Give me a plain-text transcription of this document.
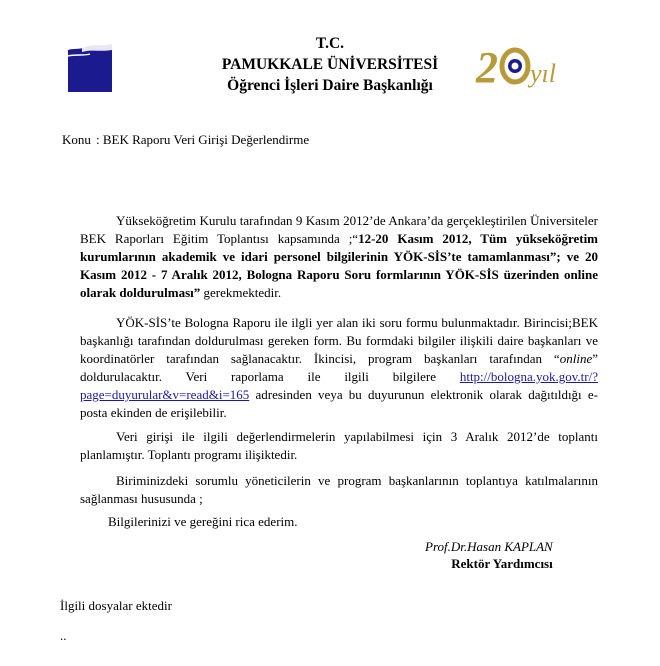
T.C.
PAMUKKALE ÜNİVERSİTESİ
Öğrenci İşleri Daire Başkanlığı 2 yıl
Konu : BEK Raporu Veri Girişi Değerlendirme

Yükseköğretim Kurulu tarafından 9 Kasım 2012’de Ankara’da gerçekleştirilen Üniversiteler BEK Raporları Eğitim Toplantısı kapsamında ;“12-20 Kasım 2012, Tüm yükseköğretim kurumlarının akademik ve idari personel bilgilerinin YÖK-SİS’te tamamlanması”; ve 20 Kasım 2012 - 7 Aralık 2012, Bologna Raporu Soru formlarının YÖK-SİS üzerinden online olarak doldurulması” gerekmektedir.

YÖK-SİS’te Bologna Raporu ile ilgli yer alan iki soru formu bulunmaktadır. Birincisi;BEK başkanlığı tarafından doldurulması gereken form. Bu formdaki bilgiler ilişkili daire başkanları ve koordinatörler tarafından sağlanacaktır. İkincisi, program başkanları tarafından “online” doldurulacaktır. Veri raporlama ile ilgili bilgilere http://bologna.yok.gov.tr/?page=duyurular&v=read&i=165 adresinden veya bu duyurunun elektronik olarak dağıtıldığı e-posta ekinden de erişilebilir.

Veri girişi ile ilgili değerlendirmelerin yapılabilmesi için 3 Aralık 2012’de toplantı planlamıştır. Toplantı programı ilişiktedir.

Biriminizdeki sorumlu yöneticilerin ve program başkanlarının toplantıya katılmalarının sağlanması hususunda ;

Bilgilerinizi ve gereğini rica ederim.
Prof.Dr.Hasan KAPLAN
Rektör Yardımcısı
İlgili dosyalar ektedir
..
